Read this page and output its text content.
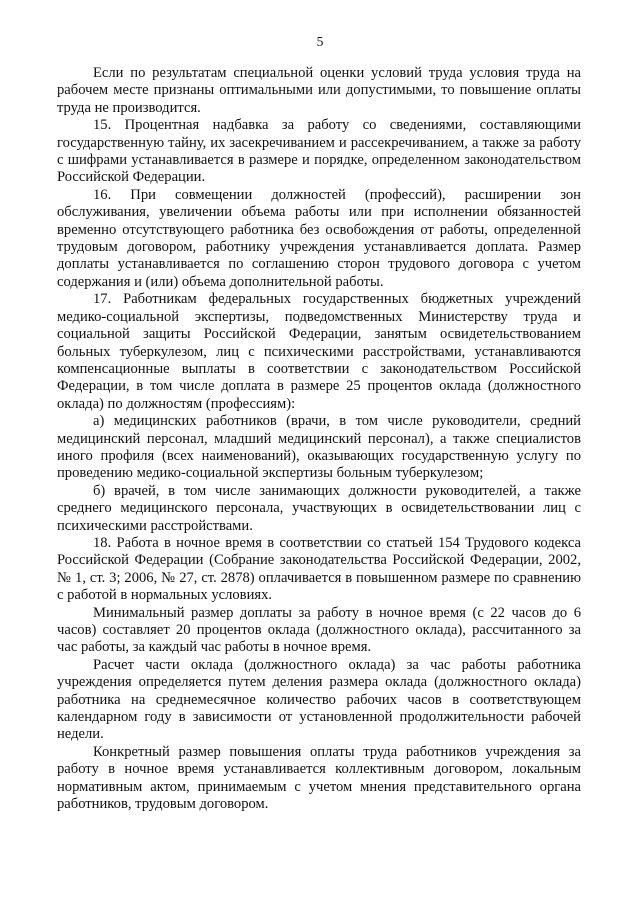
5

Если по результатам специальной оценки условий труда условия труда на рабочем месте признаны оптимальными или допустимыми, то повышение оплаты труда не производится.

15. Процентная надбавка за работу со сведениями, составляющими государственную тайну, их засекречиванием и рассекречиванием, а также за работу с шифрами устанавливается в размере и порядке, определенном законодательством Российской Федерации.

16. При совмещении должностей (профессий), расширении зон обслуживания, увеличении объема работы или при исполнении обязанностей временно отсутствующего работника без освобождения от работы, определенной трудовым договором, работнику учреждения устанавливается доплата. Размер доплаты устанавливается по соглашению сторон трудового договора с учетом содержания и (или) объема дополнительной работы.

17. Работникам федеральных государственных бюджетных учреждений медико-социальной экспертизы, подведомственных Министерству труда и социальной защиты Российской Федерации, занятым освидетельствованием больных туберкулезом, лиц с психическими расстройствами, устанавливаются компенсационные выплаты в соответствии с законодательством Российской Федерации, в том числе доплата в размере 25 процентов оклада (должностного оклада) по должностям (профессиям):

а) медицинских работников (врачи, в том числе руководители, средний медицинский персонал, младший медицинский персонал), а также специалистов иного профиля (всех наименований), оказывающих государственную услугу по проведению медико-социальной экспертизы больным туберкулезом;

б) врачей, в том числе занимающих должности руководителей, а также среднего медицинского персонала, участвующих в освидетельствовании лиц с психическими расстройствами.

18. Работа в ночное время в соответствии со статьей 154 Трудового кодекса Российской Федерации (Собрание законодательства Российской Федерации, 2002, № 1, ст. 3; 2006, № 27, ст. 2878) оплачивается в повышенном размере по сравнению с работой в нормальных условиях.

Минимальный размер доплаты за работу в ночное время (с 22 часов до 6 часов) составляет 20 процентов оклада (должностного оклада), рассчитанного за час работы, за каждый час работы в ночное время.

Расчет части оклада (должностного оклада) за час работы работника учреждения определяется путем деления размера оклада (должностного оклада) работника на среднемесячное количество рабочих часов в соответствующем календарном году в зависимости от установленной продолжительности рабочей недели.

Конкретный размер повышения оплаты труда работников учреждения за работу в ночное время устанавливается коллективным договором, локальным нормативным актом, принимаемым с учетом мнения представительного органа работников, трудовым договором.
